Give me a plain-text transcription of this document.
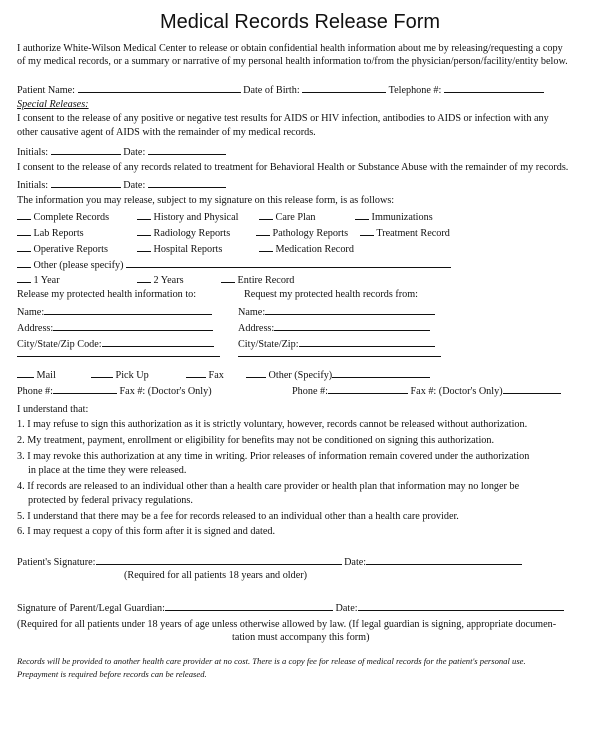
Medical Records Release Form
I authorize White-Wilson Medical Center to release or obtain confidential health information about me by releasing/requesting a copy
of my medical records, or a summary or narrative of my personal health information to/from the physician/person/facility/entity below.
Patient Name:	Date of Birth:	Telephone #:
Special Releases:
I consent to the release of any positive or negative test results for AIDS or HIV infection, antibodies to AIDS or infection with any
other causative agent of AIDS with the remainder of my medical records.
Initials:	Date:
I consent to the release of any records related to treatment for Behavioral Health or Substance Abuse with the remainder of my records.
Initials:	Date:
The information you may release, subject to my signature on this release form, is as follows:
Complete Records	History and Physical	Care Plan	Immunizations
Lab Reports	Radiology Reports	Pathology Reports	Treatment Record
Operative Reports	Hospital Reports	Medication Record
Other (please specify)
1 Year	2 Years	Entire Record
Release my protected health information to:	Request my protected health records from:
Name:
Address:
City/State/Zip Code:
Name:
Address:
City/State/Zip:
Mail	Pick Up	Fax	Other (Specify)
Phone #:	Fax #: (Doctor's Only)	Phone #:	Fax #: (Doctor's Only)
I understand that:
1. I may refuse to sign this authorization as it is strictly voluntary, however, records cannot be released without authorization.
2. My treatment, payment, enrollment or eligibility for benefits may not be conditioned on signing this authorization.
3. I may revoke this authorization at any time in writing. Prior releases of information remain covered under the authorization
in place at the time they were released.
4. If records are released to an individual other than a health care provider or health plan that information may no longer be
protected by federal privacy regulations.
5. I understand that there may be a fee for records released to an individual other than a health care provider.
6. I may request a copy of this form after it is signed and dated.
Patient's Signature:	Date:
(Required for all patients 18 years and older)
Signature of Parent/Legal Guardian:	Date:
(Required for all patients under 18 years of age unless otherwise allowed by law. (If legal guardian is signing, appropriate documen-
tation must accompany this form)
Records will be provided to another health care provider at no cost. There is a copy fee for release of medical records for the patient's personal use.
Prepayment is required before records can be released.
